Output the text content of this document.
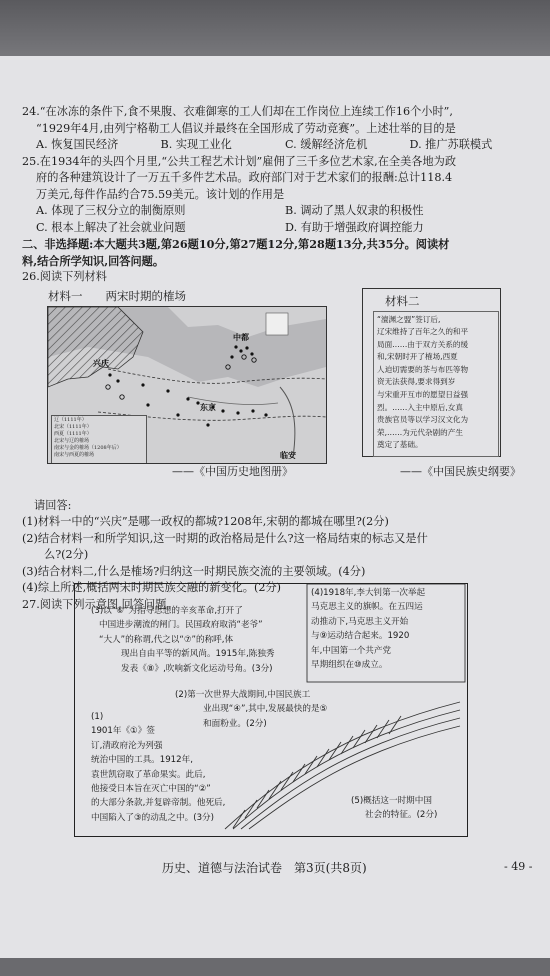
24.“在冰冻的条件下,食不果腹、衣难御寒的工人们却在工作岗位上连续工作16个小时”,
“1929年4月,由列宁格勒工人倡议并最终在全国形成了劳动竞赛”。上述壮举的目的是
A. 恢复国民经济	B. 实现工业化	C. 缓解经济危机	D. 推广苏联模式
25.在1934年的头四个月里,“公共工程艺术计划”雇佣了三千多位艺术家,在全美各地为政
府的各种建筑设计了一万五千多件艺术品。政府部门对于艺术家们的报酬:总计118.4
万美元,每件作品约合75.59美元。该计划的作用是
A. 体现了三权分立的制衡原则	B. 调动了黑人奴隶的积极性
C. 根本上解决了社会就业问题	D. 有助于增强政府调控能力
二、非选择题:本大题共3题,第26题10分,第27题12分,第28题13分,共35分。阅读材
料,结合所学知识,回答问题。
26.阅读下列材料
材料一　　两宋时期的榷场
辽（1111年）
北宋（1111年）
西夏（1111年）
北宋与辽的榷场
南宋与金的榷场（1208年后）
南宋与西夏的榷场
中都
兴庆
东京
临安
——《中国历史地图册》
材料二
“澶渊之盟”签订后,
辽宋维持了百年之久的和平
局面……由于双方关系的缓
和,宋朝时开了榷场,西夏
人迫切需要的茶与布匹等物
资无法获得,要求得到岁
与宋重开互市的愿望日益强
烈。……入主中原后,女真
贵族官员等以学习汉文化为
荣,……为元代杂剧的产生
奠定了基础。
——《中国民族史纲要》
请回答:
(1)材料一中的“兴庆”是哪一政权的都城?1208年,宋朝的都城在哪里?(2分)
(2)结合材料一和所学知识,这一时期的政治格局是什么?这一格局结束的标志又是什
么?(2分)
(3)结合材料二,什么是榷场?归纳这一时期民族交流的主要领域。(4分)
(4)综上所述,概括两宋时期民族交融的新变化。(2分)
27.阅读下列示意图,回答问题。
(3)以“⑥”为指导思想的辛亥革命,打开了
中国进步潮流的闸门。民国政府取消“老爷”
“大人”的称谓,代之以“⑦”的称呼,体
现出自由平等的新风尚。1915年,陈独秀
发表《⑧》,吹响新文化运动号角。(3分)
(4)1918年,李大钊第一次举起
马克思主义的旗帜。在五四运
动推动下,马克思主义开始
与⑨运动结合起来。1920
年,中国第一个共产党
早期组织在⑩成立。
(2)第一次世界大战期间,中国民族工
业出现“④”,其中,发展最快的是⑤
和面粉业。(2分)
(1)
1901年《①》签
订,清政府沦为列强
统治中国的工具。1912年,
袁世凯窃取了革命果实。此后,
他接受日本旨在灭亡中国的“②”
的大部分条款,并复辟帝制。他死后,
中国陷入了③的动乱之中。(3分)
(5)概括这一时期中国
社会的特征。(2分)
历史、道德与法治试卷　第3页(共8页)	- 49 -
